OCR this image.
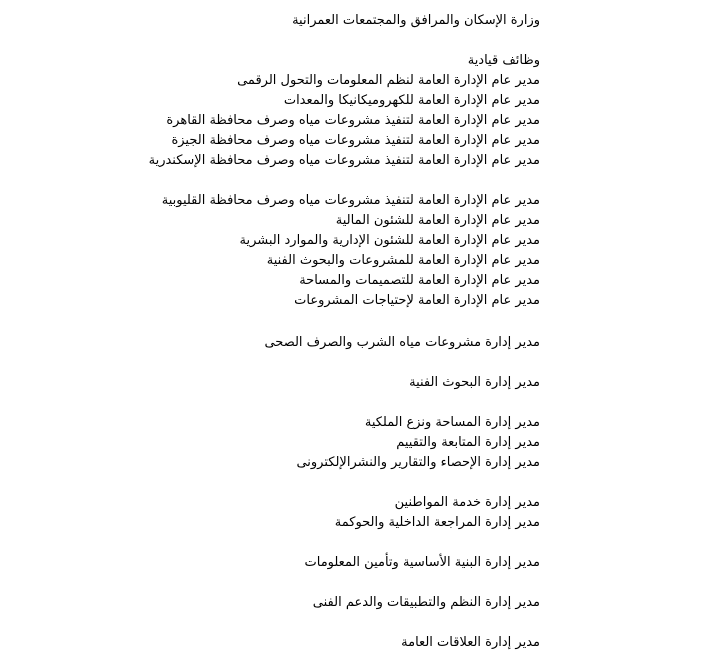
وزارة الإسكان والمرافق والمجتمعات العمرانية
وظائف قيادية
مدير عام الإدارة العامة لنظم المعلومات والتحول الرقمى
مدير عام الإدارة العامة للكهروميكانيكا والمعدات
مدير عام الإدارة العامة لتنفيذ مشروعات مياه وصرف محافظة القاهرة
مدير عام الإدارة العامة لتنفيذ مشروعات مياه وصرف محافظة الجيزة
مدير عام الإدارة العامة لتنفيذ مشروعات مياه وصرف محافظة الإسكندرية
مدير عام الإدارة العامة لتنفيذ مشروعات مياه وصرف محافظة القليوبية
مدير عام الإدارة العامة للشئون المالية
مدير عام الإدارة العامة للشئون الإدارية والموارد البشرية
مدير عام الإدارة العامة للمشروعات والبحوث الفنية
مدير عام الإدارة العامة للتصميمات والمساحة
مدير عام الإدارة العامة لإحتياجات المشروعات
مدير إدارة مشروعات مياه الشرب والصرف الصحى
مدير إدارة البحوث الفنية
مدير إدارة المساحة ونزع الملكية
مدير إدارة المتابعة والتقييم
مدير إدارة الإحصاء والتقارير والنشرالإلكترونى
مدير إدارة خدمة المواطنين
مدير إدارة المراجعة الداخلية والحوكمة
مدير إدارة البنية الأساسية وتأمين المعلومات
مدير إدارة النظم والتطبيقات والدعم الفنى
مدير إدارة العلاقات العامة
